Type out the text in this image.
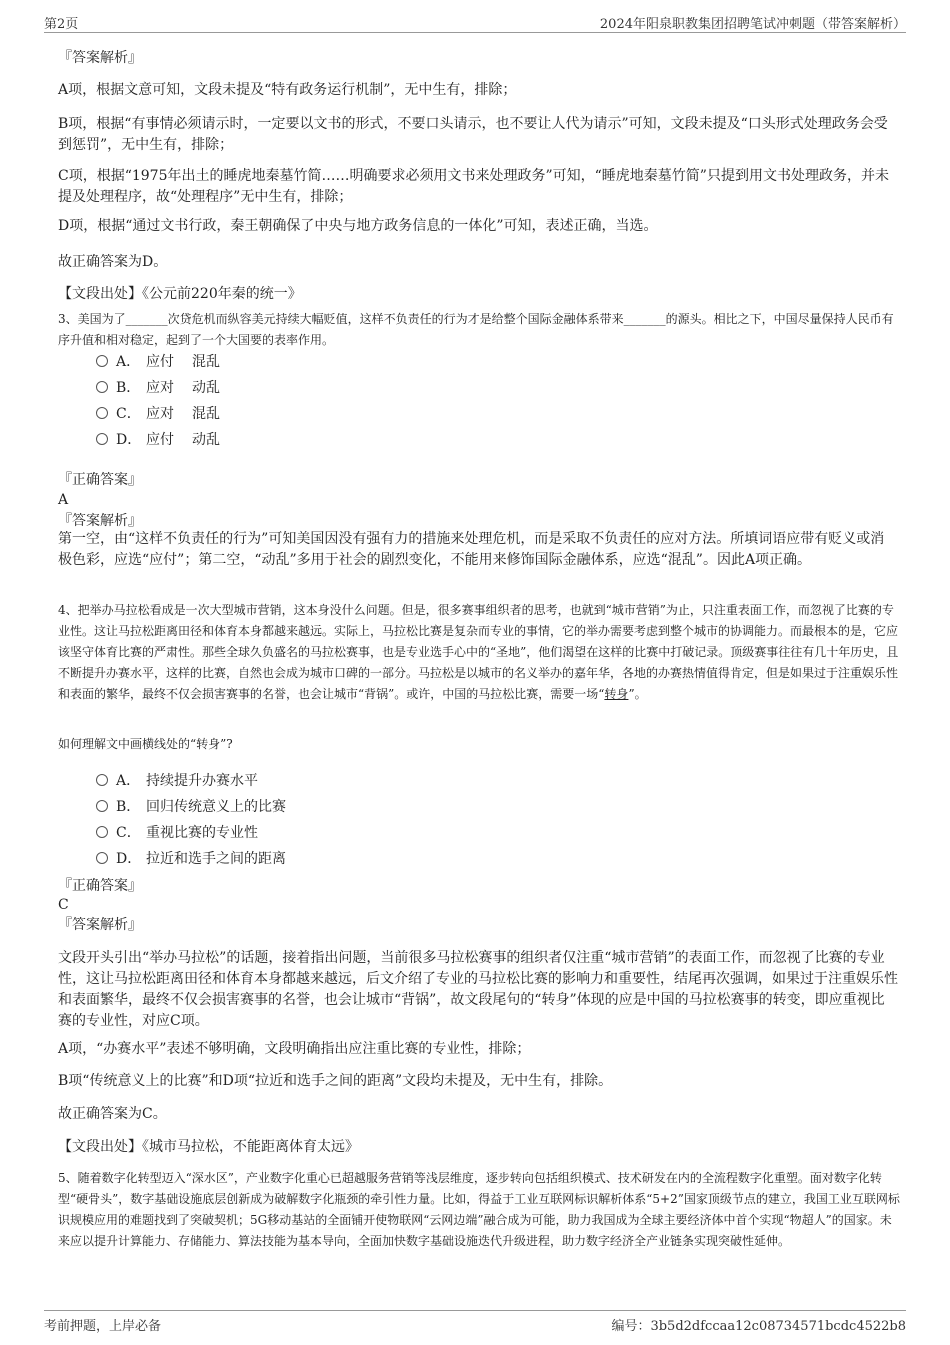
第2页	2024年阳泉职教集团招聘笔试冲刺题（带答案解析）

『答案解析』

A项，根据文意可知，文段未提及“特有政务运行机制”，无中生有，排除；

B项，根据“有事情必须请示时，一定要以文书的形式，不要口头请示，也不要让人代为请示”可知，文段未提及“口头形式处理政务会受到惩罚”，无中生有，排除；

C项，根据“1975年出土的睡虎地秦墓竹简……明确要求必须用文书来处理政务”可知，“睡虎地秦墓竹简”只提到用文书处理政务，并未提及处理程序，故“处理程序”无中生有，排除；

D项，根据“通过文书行政，秦王朝确保了中央与地方政务信息的一体化”可知，表述正确，当选。

故正确答案为D。

【文段出处】《公元前220年秦的统一》

3、美国为了_______次贷危机而纵容美元持续大幅贬值，这样不负责任的行为才是给整个国际金融体系带来_______的源头。相比之下，中国尽量保持人民币有序升值和相对稳定，起到了一个大国要的表率作用。

A． 应付 混乱
B． 应对 动乱
C． 应对 混乱
D． 应付 动乱

『正确答案』

A

『答案解析』

第一空，由“这样不负责任的行为”可知美国因没有强有力的措施来处理危机，而是采取不负责任的应对方法。所填词语应带有贬义或消极色彩，应选“应付”；第二空，“动乱”多用于社会的剧烈变化，不能用来修饰国际金融体系，应选“混乱”。因此A项正确。

4、把举办马拉松看成是一次大型城市营销，这本身没什么问题。但是，很多赛事组织者的思考，也就到“城市营销”为止，只注重表面工作，而忽视了比赛的专业性。这让马拉松距离田径和体育本身都越来越远。实际上，马拉松比赛是复杂而专业的事情，它的举办需要考虑到整个城市的协调能力。而最根本的是，它应该坚守体育比赛的严肃性。那些全球久负盛名的马拉松赛事，也是专业选手心中的“圣地”，他们渴望在这样的比赛中打破记录。顶级赛事往往有几十年历史，且不断提升办赛水平，这样的比赛，自然也会成为城市口碑的一部分。马拉松是以城市的名义举办的嘉年华，各地的办赛热情值得肯定，但是如果过于注重娱乐性和表面的繁华，最终不仅会损害赛事的名誉，也会让城市“背锅”。或许，中国的马拉松比赛，需要一场“转身”。

如何理解文中画横线处的“转身”?

A． 持续提升办赛水平
B． 回归传统意义上的比赛
C． 重视比赛的专业性
D． 拉近和选手之间的距离

『正确答案』

C

『答案解析』

文段开头引出“举办马拉松”的话题，接着指出问题，当前很多马拉松赛事的组织者仅注重“城市营销”的表面工作，而忽视了比赛的专业性，这让马拉松距离田径和体育本身都越来越远，后文介绍了专业的马拉松比赛的影响力和重要性，结尾再次强调，如果过于注重娱乐性和表面繁华，最终不仅会损害赛事的名誉，也会让城市“背锅”，故文段尾句的“转身”体现的应是中国的马拉松赛事的转变，即应重视比赛的专业性，对应C项。

A项，“办赛水平”表述不够明确，文段明确指出应注重比赛的专业性，排除；

B项“传统意义上的比赛”和D项“拉近和选手之间的距离”文段均未提及，无中生有，排除。

故正确答案为C。

【文段出处】《城市马拉松，不能距离体育太远》

5、随着数字化转型迈入“深水区”，产业数字化重心已超越服务营销等浅层维度，逐步转向包括组织模式、技术研发在内的全流程数字化重塑。面对数字化转型“硬骨头”，数字基础设施底层创新成为破解数字化瓶颈的牵引性力量。比如，得益于工业互联网标识解析体系“5+2”国家顶级节点的建立，我国工业互联网标识规模应用的难题找到了突破契机；5G移动基站的全面铺开使物联网“云网边端”融合成为可能，助力我国成为全球主要经济体中首个实现“物超人”的国家。未来应以提升计算能力、存储能力、算法技能为基本导向，全面加快数字基础设施迭代升级进程，助力数字经济全产业链条实现突破性延伸。

考前押题，上岸必备	编号：3b5d2dfccaa12c08734571bcdc4522b8
